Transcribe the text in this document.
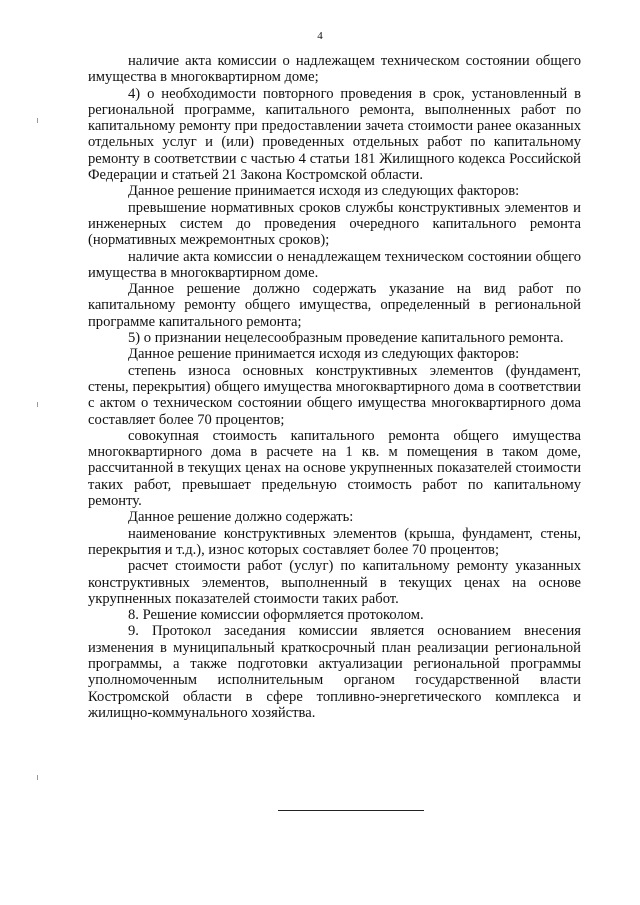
4

наличие акта комиссии о надлежащем техническом состоянии общего имущества в многоквартирном доме;

4) о необходимости повторного проведения в срок, установленный в региональной программе, капитального ремонта, выполненных работ по капитальному ремонту при предоставлении зачета стоимости ранее оказанных отдельных услуг и (или) проведенных отдельных работ по капитальному ремонту в соответствии с частью 4 статьи 181 Жилищного кодекса Российской Федерации и статьей 21 Закона Костромской области.

Данное решение принимается исходя из следующих факторов:

превышение нормативных сроков службы конструктивных элементов и инженерных систем до проведения очередного капитального ремонта (нормативных межремонтных сроков);

наличие акта комиссии о ненадлежащем техническом состоянии общего имущества в многоквартирном доме.

Данное решение должно содержать указание на вид работ по капитальному ремонту общего имущества, определенный в региональной программе капитального ремонта;

5) о признании нецелесообразным проведение капитального ремонта.

Данное решение принимается исходя из следующих факторов:

степень износа основных конструктивных элементов (фундамент, стены, перекрытия) общего имущества многоквартирного дома в соответствии с актом о техническом состоянии общего имущества многоквартирного дома составляет более 70 процентов;

совокупная стоимость капитального ремонта общего имущества многоквартирного дома в расчете на 1 кв. м помещения в таком доме, рассчитанной в текущих ценах на основе укрупненных показателей стоимости таких работ, превышает предельную стоимость работ по капитальному ремонту.

Данное решение должно содержать:

наименование конструктивных элементов (крыша, фундамент, стены, перекрытия и т.д.), износ которых составляет более 70 процентов;

расчет стоимости работ (услуг) по капитальному ремонту указанных конструктивных элементов, выполненный в текущих ценах на основе укрупненных показателей стоимости таких работ.

8. Решение комиссии оформляется протоколом.

9. Протокол заседания комиссии является основанием внесения изменения в муниципальный краткосрочный план реализации региональной программы, а также подготовки актуализации региональной программы уполномоченным исполнительным органом государственной власти Костромской области в сфере топливно-энергетического комплекса и жилищно-коммунального хозяйства.
